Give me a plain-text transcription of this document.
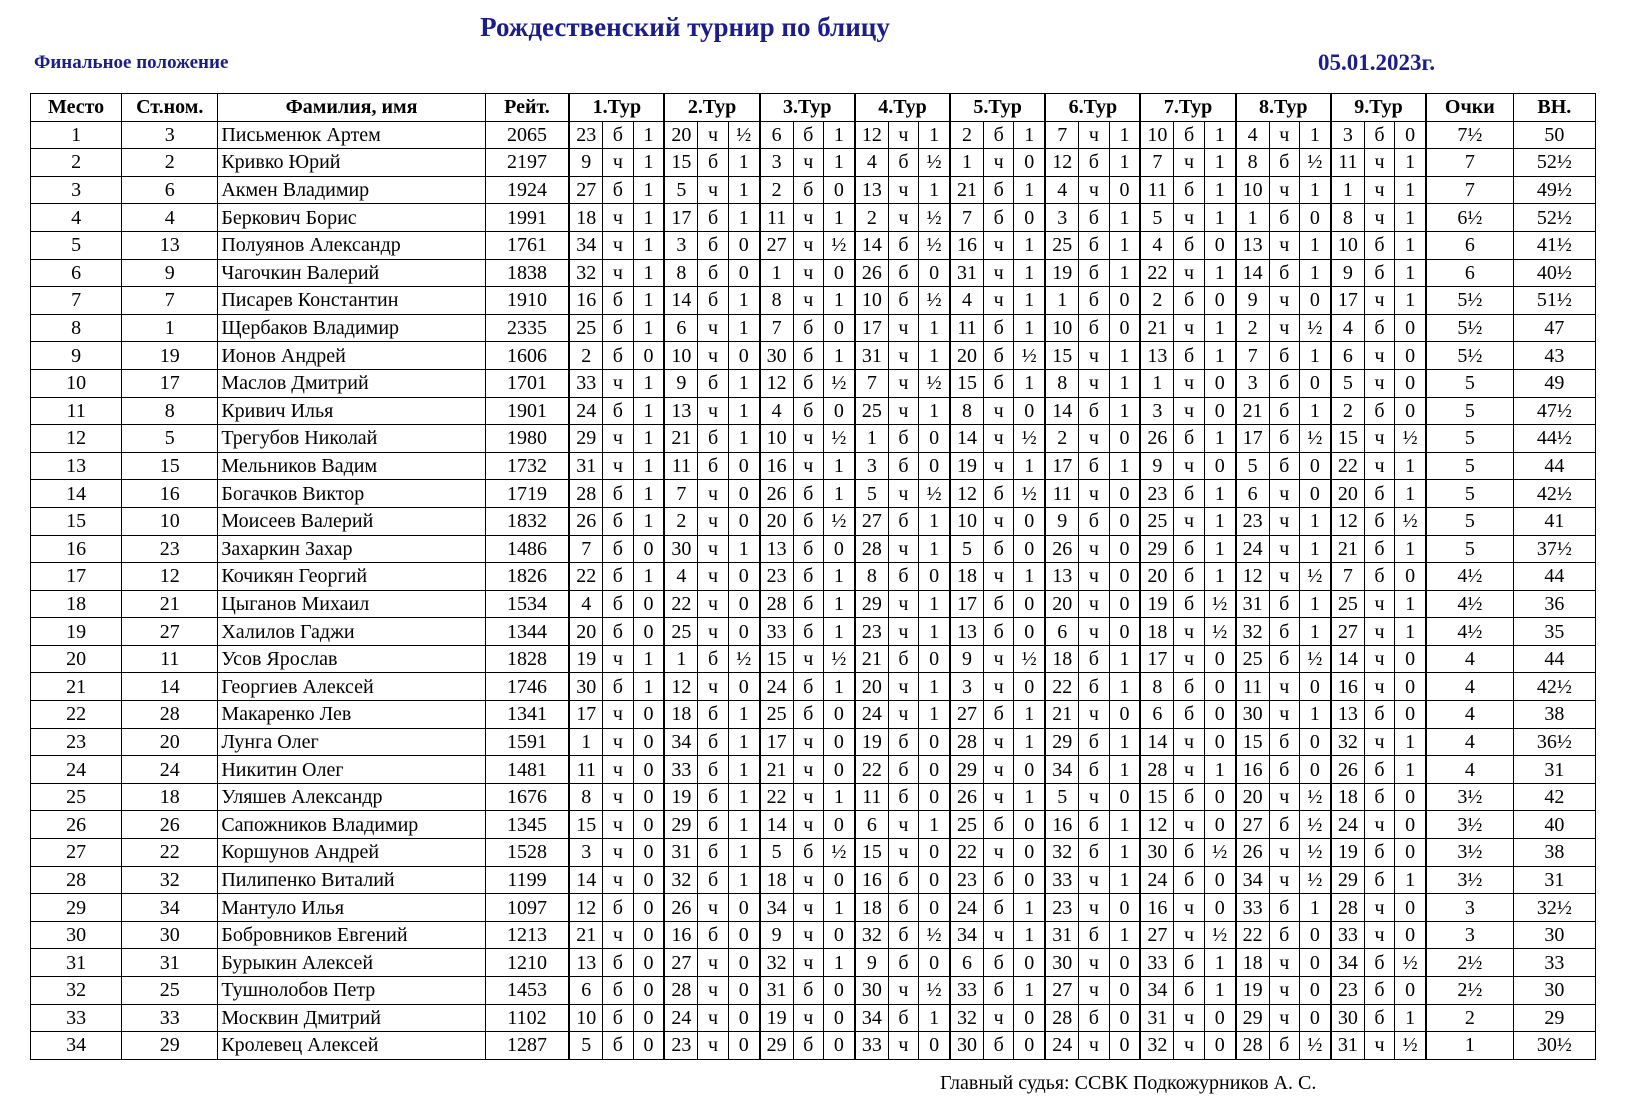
Рождественский турнир по блицу
Финальное положение	05.01.2023г.
Место	Ст.ном.	Фамилия, имя	Рейт.	1.Тур			2.Тур			3.Тур			4.Тур			5.Тур			6.Тур			7.Тур			8.Тур			9.Тур			Очки	ВН.
1	3	Письменюк Артем	2065	23	б	1	20	ч	½	6	б	1	12	ч	1	2	б	1	7	ч	1	10	б	1	4	ч	1	3	б	0	7½	50
2	2	Кривко Юрий	2197	9	ч	1	15	б	1	3	ч	1	4	б	½	1	ч	0	12	б	1	7	ч	1	8	б	½	11	ч	1	7	52½
3	6	Акмен Владимир	1924	27	б	1	5	ч	1	2	б	0	13	ч	1	21	б	1	4	ч	0	11	б	1	10	ч	1	1	ч	1	7	49½
4	4	Беркович Борис	1991	18	ч	1	17	б	1	11	ч	1	2	ч	½	7	б	0	3	б	1	5	ч	1	1	б	0	8	ч	1	6½	52½
5	13	Полуянов Александр	1761	34	ч	1	3	б	0	27	ч	½	14	б	½	16	ч	1	25	б	1	4	б	0	13	ч	1	10	б	1	6	41½
6	9	Чагочкин Валерий	1838	32	ч	1	8	б	0	1	ч	0	26	б	0	31	ч	1	19	б	1	22	ч	1	14	б	1	9	б	1	6	40½
7	7	Писарев Константин	1910	16	б	1	14	б	1	8	ч	1	10	б	½	4	ч	1	1	б	0	2	б	0	9	ч	0	17	ч	1	5½	51½
8	1	Щербаков Владимир	2335	25	б	1	6	ч	1	7	б	0	17	ч	1	11	б	1	10	б	0	21	ч	1	2	ч	½	4	б	0	5½	47
9	19	Ионов Андрей	1606	2	б	0	10	ч	0	30	б	1	31	ч	1	20	б	½	15	ч	1	13	б	1	7	б	1	6	ч	0	5½	43
10	17	Маслов Дмитрий	1701	33	ч	1	9	б	1	12	б	½	7	ч	½	15	б	1	8	ч	1	1	ч	0	3	б	0	5	ч	0	5	49
11	8	Кривич Илья	1901	24	б	1	13	ч	1	4	б	0	25	ч	1	8	ч	0	14	б	1	3	ч	0	21	б	1	2	б	0	5	47½
12	5	Трегубов Николай	1980	29	ч	1	21	б	1	10	ч	½	1	б	0	14	ч	½	2	ч	0	26	б	1	17	б	½	15	ч	½	5	44½
13	15	Мельников Вадим	1732	31	ч	1	11	б	0	16	ч	1	3	б	0	19	ч	1	17	б	1	9	ч	0	5	б	0	22	ч	1	5	44
14	16	Богачков Виктор	1719	28	б	1	7	ч	0	26	б	1	5	ч	½	12	б	½	11	ч	0	23	б	1	6	ч	0	20	б	1	5	42½
15	10	Моисеев Валерий	1832	26	б	1	2	ч	0	20	б	½	27	б	1	10	ч	0	9	б	0	25	ч	1	23	ч	1	12	б	½	5	41
16	23	Захаркин Захар	1486	7	б	0	30	ч	1	13	б	0	28	ч	1	5	б	0	26	ч	0	29	б	1	24	ч	1	21	б	1	5	37½
17	12	Кочикян Георгий	1826	22	б	1	4	ч	0	23	б	1	8	б	0	18	ч	1	13	ч	0	20	б	1	12	ч	½	7	б	0	4½	44
18	21	Цыганов Михаил	1534	4	б	0	22	ч	0	28	б	1	29	ч	1	17	б	0	20	ч	0	19	б	½	31	б	1	25	ч	1	4½	36
19	27	Халилов Гаджи	1344	20	б	0	25	ч	0	33	б	1	23	ч	1	13	б	0	6	ч	0	18	ч	½	32	б	1	27	ч	1	4½	35
20	11	Усов Ярослав	1828	19	ч	1	1	б	½	15	ч	½	21	б	0	9	ч	½	18	б	1	17	ч	0	25	б	½	14	ч	0	4	44
21	14	Георгиев Алексей	1746	30	б	1	12	ч	0	24	б	1	20	ч	1	3	ч	0	22	б	1	8	б	0	11	ч	0	16	ч	0	4	42½
22	28	Макаренко Лев	1341	17	ч	0	18	б	1	25	б	0	24	ч	1	27	б	1	21	ч	0	6	б	0	30	ч	1	13	б	0	4	38
23	20	Лунга Олег	1591	1	ч	0	34	б	1	17	ч	0	19	б	0	28	ч	1	29	б	1	14	ч	0	15	б	0	32	ч	1	4	36½
24	24	Никитин Олег	1481	11	ч	0	33	б	1	21	ч	0	22	б	0	29	ч	0	34	б	1	28	ч	1	16	б	0	26	б	1	4	31
25	18	Уляшев Александр	1676	8	ч	0	19	б	1	22	ч	1	11	б	0	26	ч	1	5	ч	0	15	б	0	20	ч	½	18	б	0	3½	42
26	26	Сапожников Владимир	1345	15	ч	0	29	б	1	14	ч	0	6	ч	1	25	б	0	16	б	1	12	ч	0	27	б	½	24	ч	0	3½	40
27	22	Коршунов Андрей	1528	3	ч	0	31	б	1	5	б	½	15	ч	0	22	ч	0	32	б	1	30	б	½	26	ч	½	19	б	0	3½	38
28	32	Пилипенко Виталий	1199	14	ч	0	32	б	1	18	ч	0	16	б	0	23	б	0	33	ч	1	24	б	0	34	ч	½	29	б	1	3½	31
29	34	Мантуло Илья	1097	12	б	0	26	ч	0	34	ч	1	18	б	0	24	б	1	23	ч	0	16	ч	0	33	б	1	28	ч	0	3	32½
30	30	Бобровников Евгений	1213	21	ч	0	16	б	0	9	ч	0	32	б	½	34	ч	1	31	б	1	27	ч	½	22	б	0	33	ч	0	3	30
31	31	Бурыкин Алексей	1210	13	б	0	27	ч	0	32	ч	1	9	б	0	6	б	0	30	ч	0	33	б	1	18	ч	0	34	б	½	2½	33
32	25	Тушнолобов Петр	1453	6	б	0	28	ч	0	31	б	0	30	ч	½	33	б	1	27	ч	0	34	б	1	19	ч	0	23	б	0	2½	30
33	33	Москвин Дмитрий	1102	10	б	0	24	ч	0	19	ч	0	34	б	1	32	ч	0	28	б	0	31	ч	0	29	ч	0	30	б	1	2	29
34	29	Кролевец Алексей	1287	5	б	0	23	ч	0	29	б	0	33	ч	0	30	б	0	24	ч	0	32	ч	0	28	б	½	31	ч	½	1	30½
Главный судья: ССВК Подкожурников А. С.
